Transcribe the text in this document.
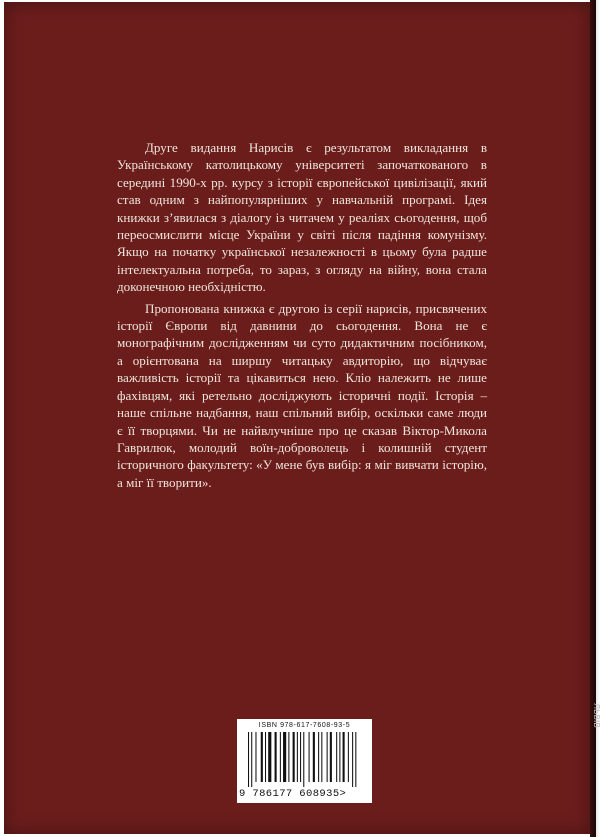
Друге видання Нарисів є результатом викладання в Українському католицькому університеті започаткованого в середині 1990-х рр. курсу з історії європейської цивілізації, який став одним з найпопулярніших у навчальній програмі. Ідея книжки з’явилася з діалогу із читачем у реаліях сьогодення, щоб переосмислити місце України у світі після падіння комунізму. Якщо на початку української незалежності в цьому була радше інтелектуальна потреба, то зараз, з огляду на війну, вона стала доконечною необхідністю.

Пропонована книжка є другою із серії нарисів, присвячених історії Європи від давнини до сьогодення. Вона не є монографічним дослідженням чи суто дидактичним посібником, а орієнтована на ширшу читацьку авдиторію, що відчуває важливість історії та цікавиться нею. Кліо належить не лише фахівцям, які ретельно досліджують історичні події. Історія – наше спільне надбання, наш спільний вибір, оскільки саме люди є її творцями. Чи не найвлучніше про це сказав Віктор-Микола Гаврилюк, молодий воїн-доброволець і колишній студент історичного факультету: «У мене був вибір: я міг вивчати історію, а міг її творити».

ISBN 978-617-7608-93-5
9 786177 608935>
ЛЬВІВ
